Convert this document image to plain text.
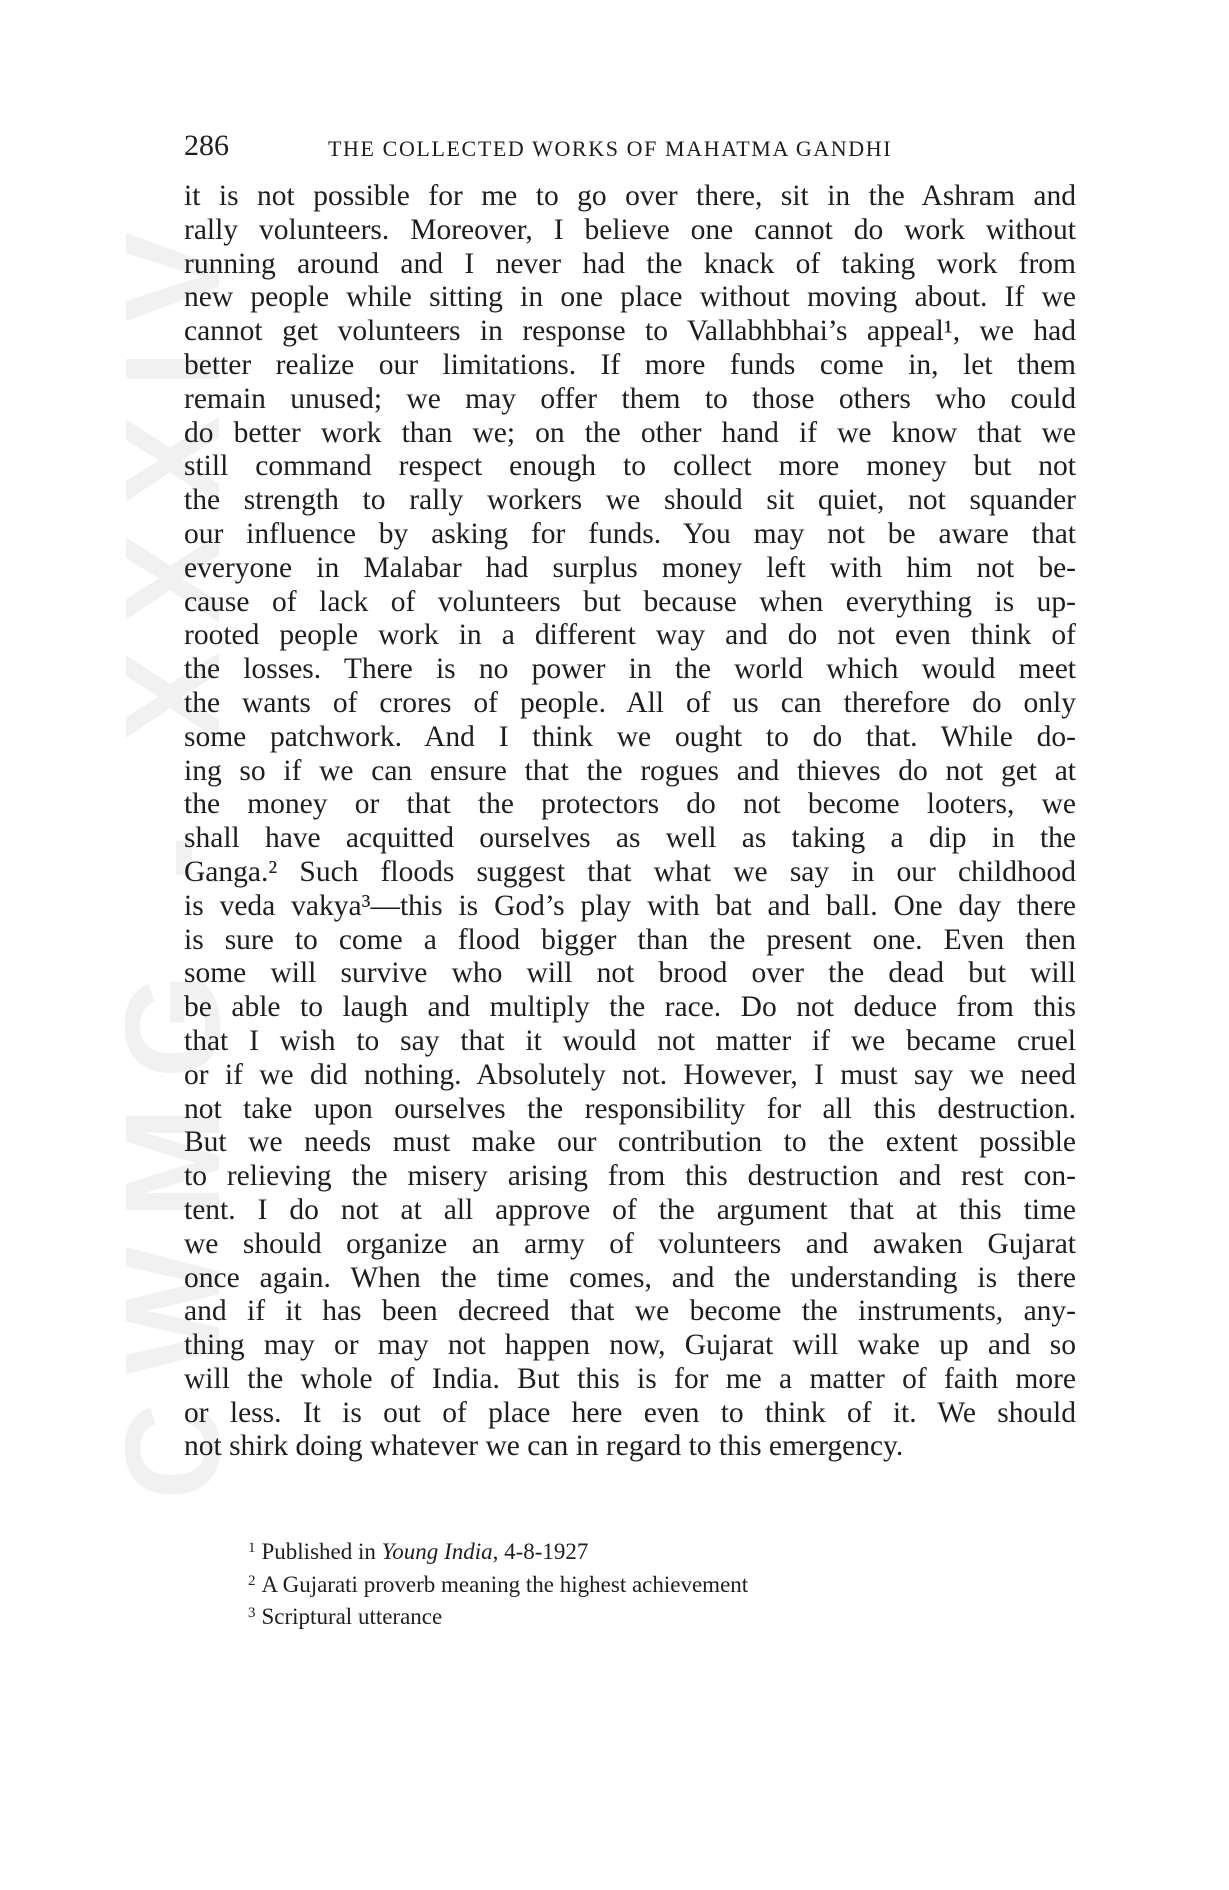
CWMG - XXXIV
286	THE COLLECTED WORKS OF MAHATMA GANDHI
it is not possible for me to go over there, sit in the Ashram and
rally volunteers. Moreover, I believe one cannot do work without
running around and I never had the knack of taking work from
new people while sitting in one place without moving about. If we
cannot get volunteers in response to Vallabhbhai’s appeal¹, we had
better realize our limitations. If more funds come in, let them
remain unused; we may offer them to those others who could
do better work than we; on the other hand if we know that we
still command respect enough to collect more money but not
the strength to rally workers we should sit quiet, not squander
our influence by asking for funds. You may not be aware that
everyone in Malabar had surplus money left with him not be-
cause of lack of volunteers but because when everything is up-
rooted people work in a different way and do not even think of
the losses. There is no power in the world which would meet
the wants of crores of people. All of us can therefore do only
some patchwork. And I think we ought to do that. While do-
ing so if we can ensure that the rogues and thieves do not get at
the money or that the protectors do not become looters, we
shall have acquitted ourselves as well as taking a dip in the
Ganga.² Such floods suggest that what we say in our childhood
is veda vakya³—this is God’s play with bat and ball. One day there
is sure to come a flood bigger than the present one. Even then
some will survive who will not brood over the dead but will
be able to laugh and multiply the race. Do not deduce from this
that I wish to say that it would not matter if we became cruel
or if we did nothing. Absolutely not. However, I must say we need
not take upon ourselves the responsibility for all this destruction.
But we needs must make our contribution to the extent possible
to relieving the misery arising from this destruction and rest con-
tent. I do not at all approve of the argument that at this time
we should organize an army of volunteers and awaken Gujarat
once again. When the time comes, and the understanding is there
and if it has been decreed that we become the instruments, any-
thing may or may not happen now, Gujarat will wake up and so
will the whole of India. But this is for me a matter of faith more
or less. It is out of place here even to think of it. We should
not shirk doing whatever we can in regard to this emergency.
$^1$ Published in Young India, 4-8-1927
$^2$ A Gujarati proverb meaning the highest achievement
$^3$ Scriptural utterance
